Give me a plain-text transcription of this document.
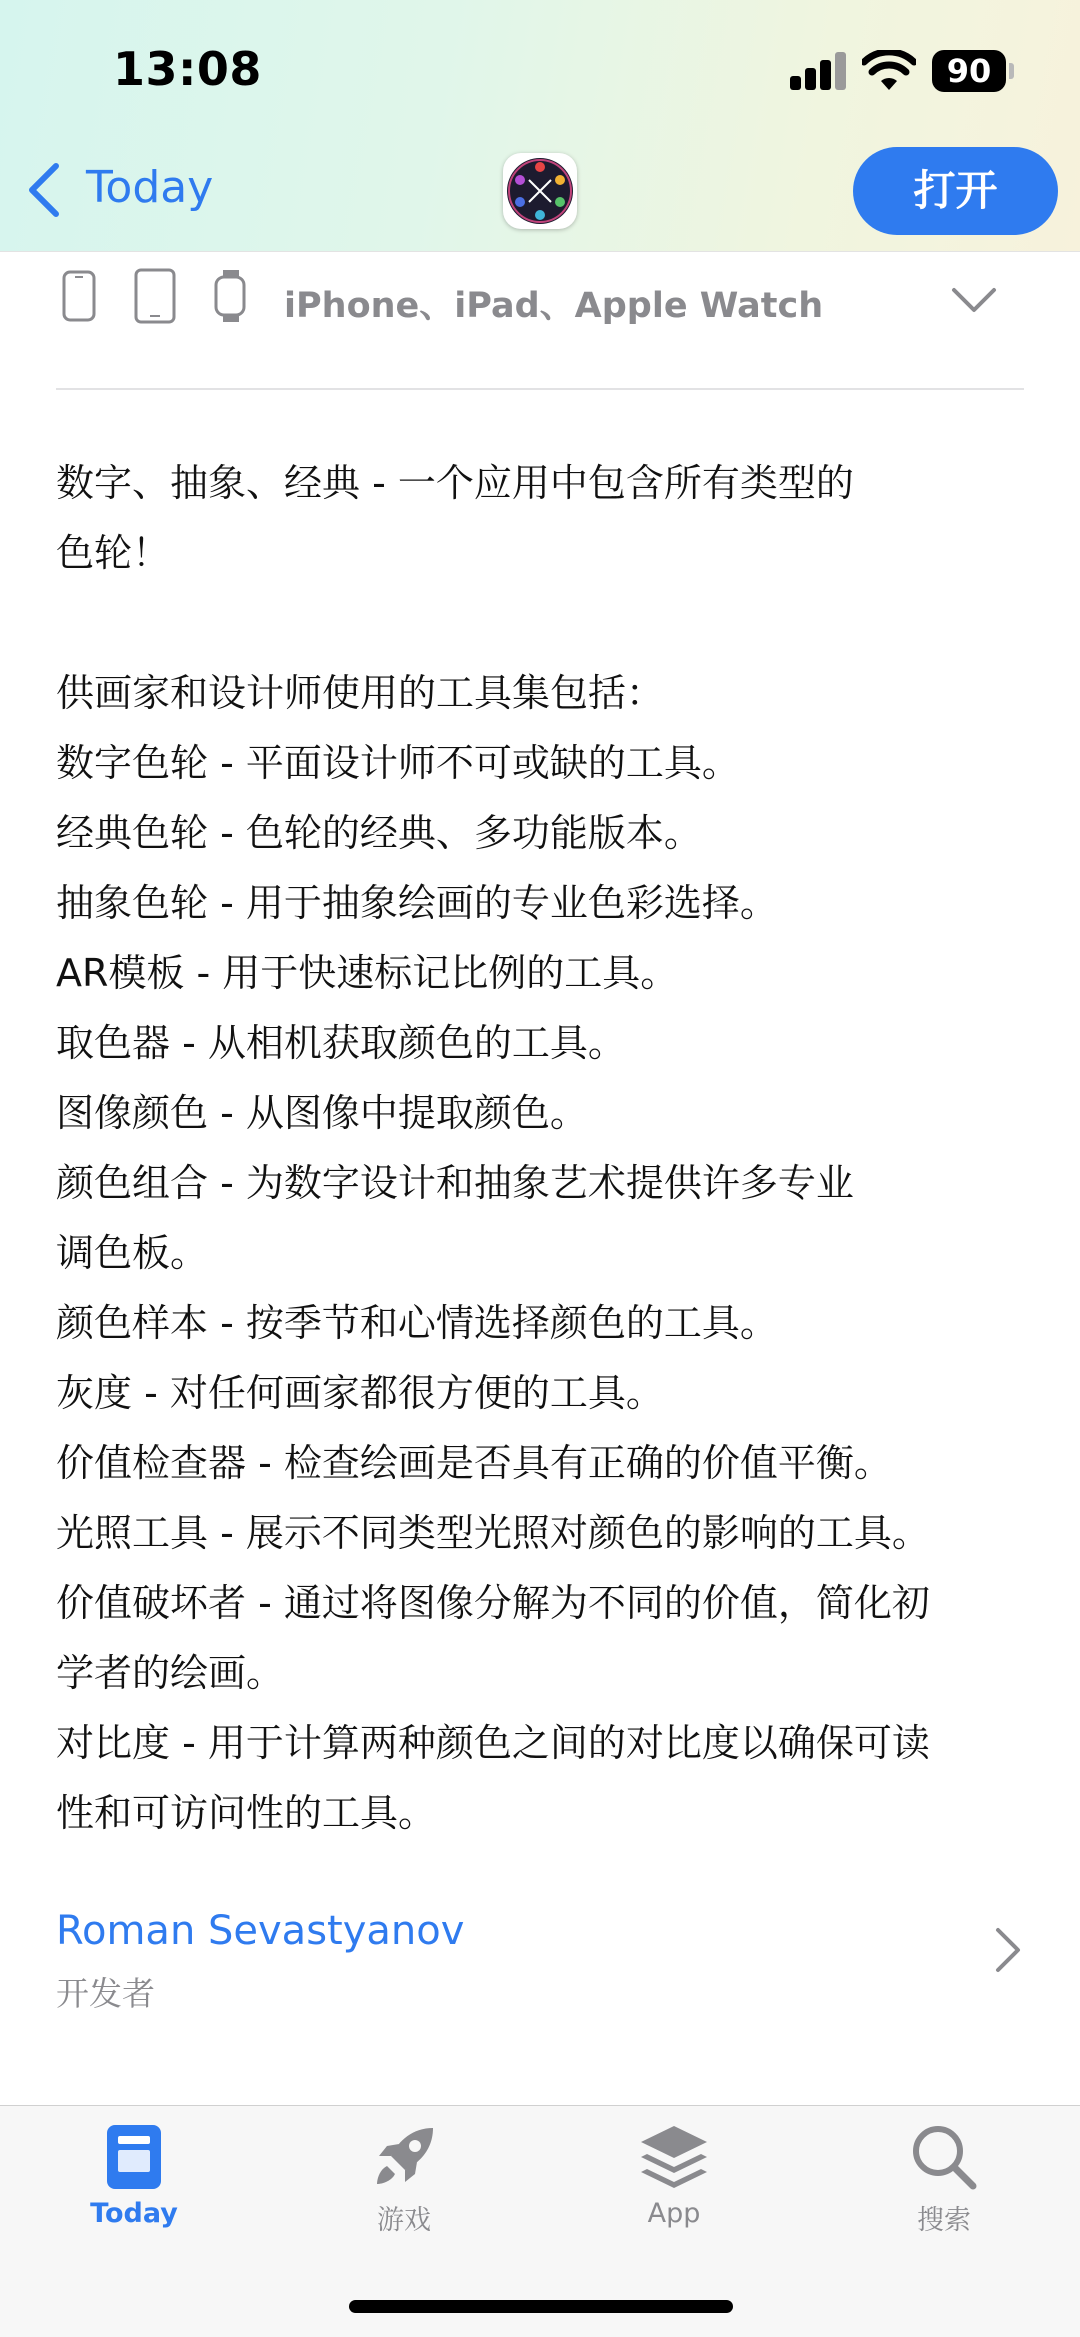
13:08	90
Today	打开
iPhone、iPad、Apple Watch
数字、抽象、经典 - 一个应用中包含所有类型的
色轮！
供画家和设计师使用的工具集包括：
数字色轮 - 平面设计师不可或缺的工具。
经典色轮 - 色轮的经典、多功能版本。
抽象色轮 - 用于抽象绘画的专业色彩选择。
AR模板 - 用于快速标记比例的工具。
取色器 - 从相机获取颜色的工具。
图像颜色 - 从图像中提取颜色。
颜色组合 - 为数字设计和抽象艺术提供许多专业
调色板。
颜色样本 - 按季节和心情选择颜色的工具。
灰度 - 对任何画家都很方便的工具。
价值检查器 - 检查绘画是否具有正确的价值平衡。
光照工具 - 展示不同类型光照对颜色的影响的工具。
价值破坏者 - 通过将图像分解为不同的价值，简化初
学者的绘画。
对比度 - 用于计算两种颜色之间的对比度以确保可读
性和可访问性的工具。
Roman Sevastyanov
开发者
Today	游戏	App	搜索
